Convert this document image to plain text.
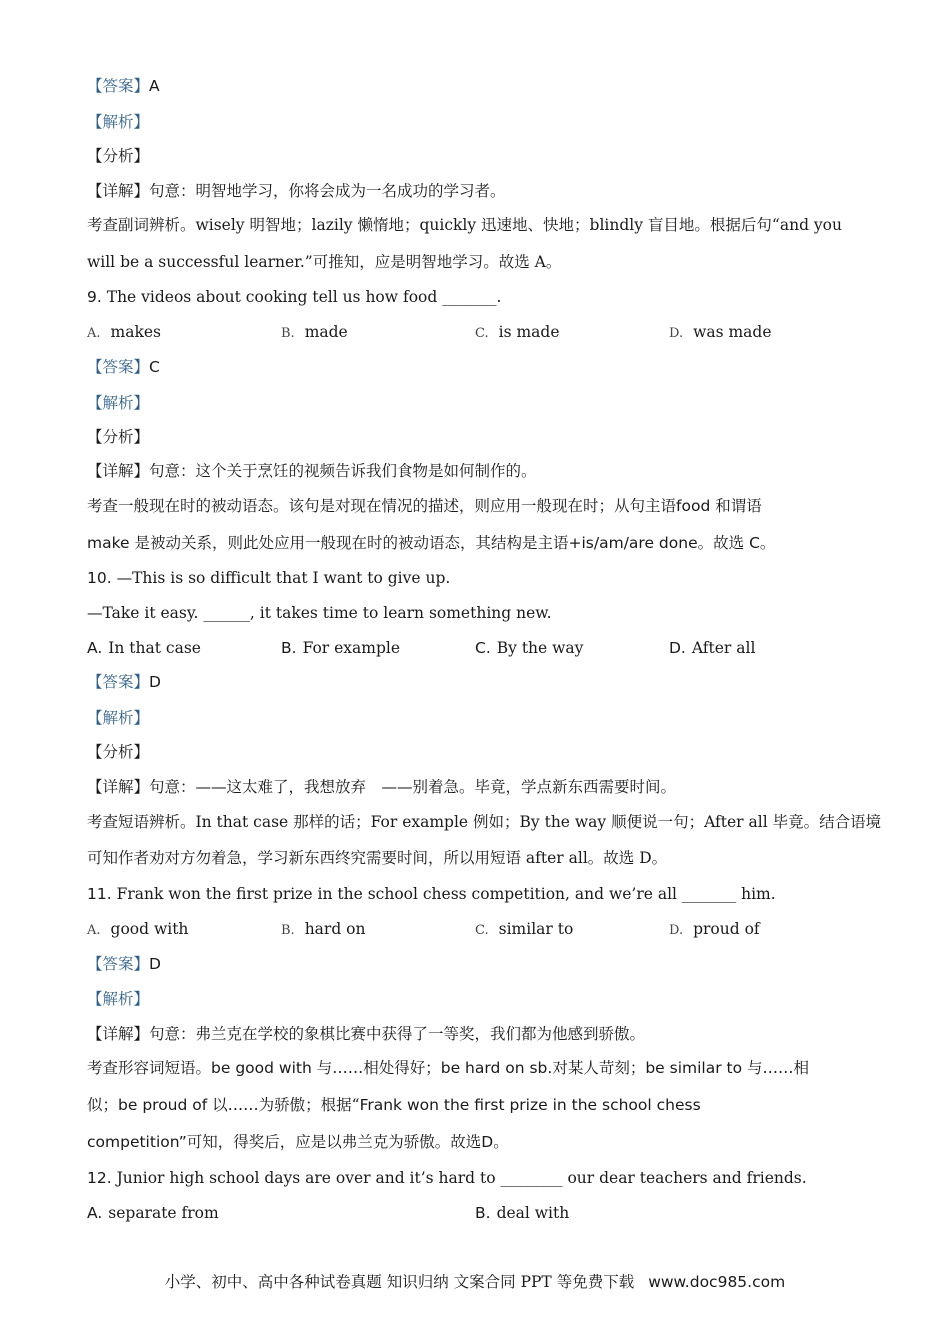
【答案】A
【解析】
【分析】
【详解】句意：明智地学习，你将会成为一名成功的学习者。
考查副词辨析。wisely 明智地；lazily 懒惰地；quickly 迅速地、快地；blindly 盲目地。根据后句“and you
will be a successful learner.”可推知，应是明智地学习。故选 A。
9. The videos about cooking tell us how food _______.
A. makes	B. made	C. is made	D. was made
【答案】C
【解析】
【分析】
【详解】句意：这个关于烹饪的视频告诉我们食物是如何制作的。
考查一般现在时的被动语态。该句是对现在情况的描述，则应用一般现在时；从句主语food 和谓语
make 是被动关系，则此处应用一般现在时的被动语态，其结构是主语+is/am/are done。故选 C。
10. —This is so difficult that I want to give up.
—Take it easy. ______, it takes time to learn something new.
A. In that case	B. For example	C. By the way	D. After all
【答案】D
【解析】
【分析】
【详解】句意：——这太难了，我想放弃　——别着急。毕竟，学点新东西需要时间。
考查短语辨析。In that case 那样的话；For example 例如；By the way 顺便说一句；After all 毕竟。结合语境
可知作者劝对方勿着急，学习新东西终究需要时间，所以用短语 after all。故选 D。
11. Frank won the first prize in the school chess competition, and we’re all _______ him.
A. good with	B. hard on	C. similar to	D. proud of
【答案】D
【解析】
【详解】句意：弗兰克在学校的象棋比赛中获得了一等奖，我们都为他感到骄傲。
考查形容词短语。be good with 与……相处得好；be hard on sb.对某人苛刻；be similar to 与……相
似；be proud of 以……为骄傲；根据“Frank won the first prize in the school chess
competition”可知，得奖后，应是以弗兰克为骄傲。故选D。
12. Junior high school days are over and it’s hard to ________ our dear teachers and friends.
A. separate from	B. deal with
小学、初中、高中各种试卷真题 知识归纳 文案合同 PPT 等免费下载 www.doc985.com
